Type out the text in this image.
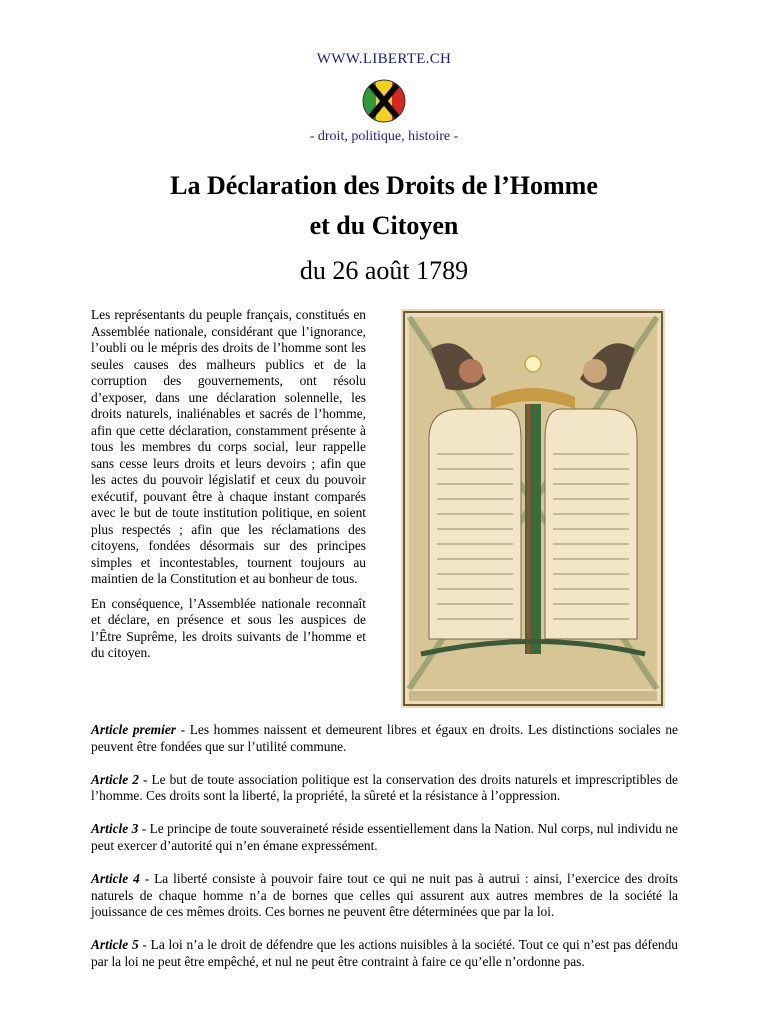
WWW.LIBERTE.CH
- droit, politique, histoire -
La Déclaration des Droits de l’Homme
et du Citoyen
du 26 août 1789

Les représentants du peuple français, constitués en Assemblée nationale, considérant que l’ignorance, l’oubli ou le mépris des droits de l’homme sont les seules causes des malheurs publics et de la corruption des gouvernements, ont résolu d’exposer, dans une déclaration solennelle, les droits naturels, inaliénables et sacrés de l’homme, afin que cette déclaration, constamment présente à tous les membres du corps social, leur rappelle sans cesse leurs droits et leurs devoirs ; afin que les actes du pouvoir législatif et ceux du pouvoir exécutif, pouvant être à chaque instant comparés avec le but de toute institution politique, en soient plus respectés ; afin que les réclamations des citoyens, fondées désormais sur des principes simples et incontestables, tournent toujours au maintien de la Constitution et au bonheur de tous.

En conséquence, l’Assemblée nationale reconnaît et déclare, en présence et sous les auspices de l’Être Suprême, les droits suivants de l’homme et du citoyen.

Article premier - Les hommes naissent et demeurent libres et égaux en droits. Les distinctions sociales ne peuvent être fondées que sur l’utilité commune.

Article 2 - Le but de toute association politique est la conservation des droits naturels et imprescriptibles de l’homme. Ces droits sont la liberté, la propriété, la sûreté et la résistance à l’oppression.

Article 3 - Le principe de toute souveraineté réside essentiellement dans la Nation. Nul corps, nul individu ne peut exercer d’autorité qui n’en émane expressément.

Article 4 - La liberté consiste à pouvoir faire tout ce qui ne nuit pas à autrui : ainsi, l’exercice des droits naturels de chaque homme n’a de bornes que celles qui assurent aux autres membres de la société la jouissance de ces mêmes droits. Ces bornes ne peuvent être déterminées que par la loi.

Article 5 - La loi n’a le droit de défendre que les actions nuisibles à la société. Tout ce qui n’est pas défendu par la loi ne peut être empêché, et nul ne peut être contraint à faire ce qu’elle n’ordonne pas.
